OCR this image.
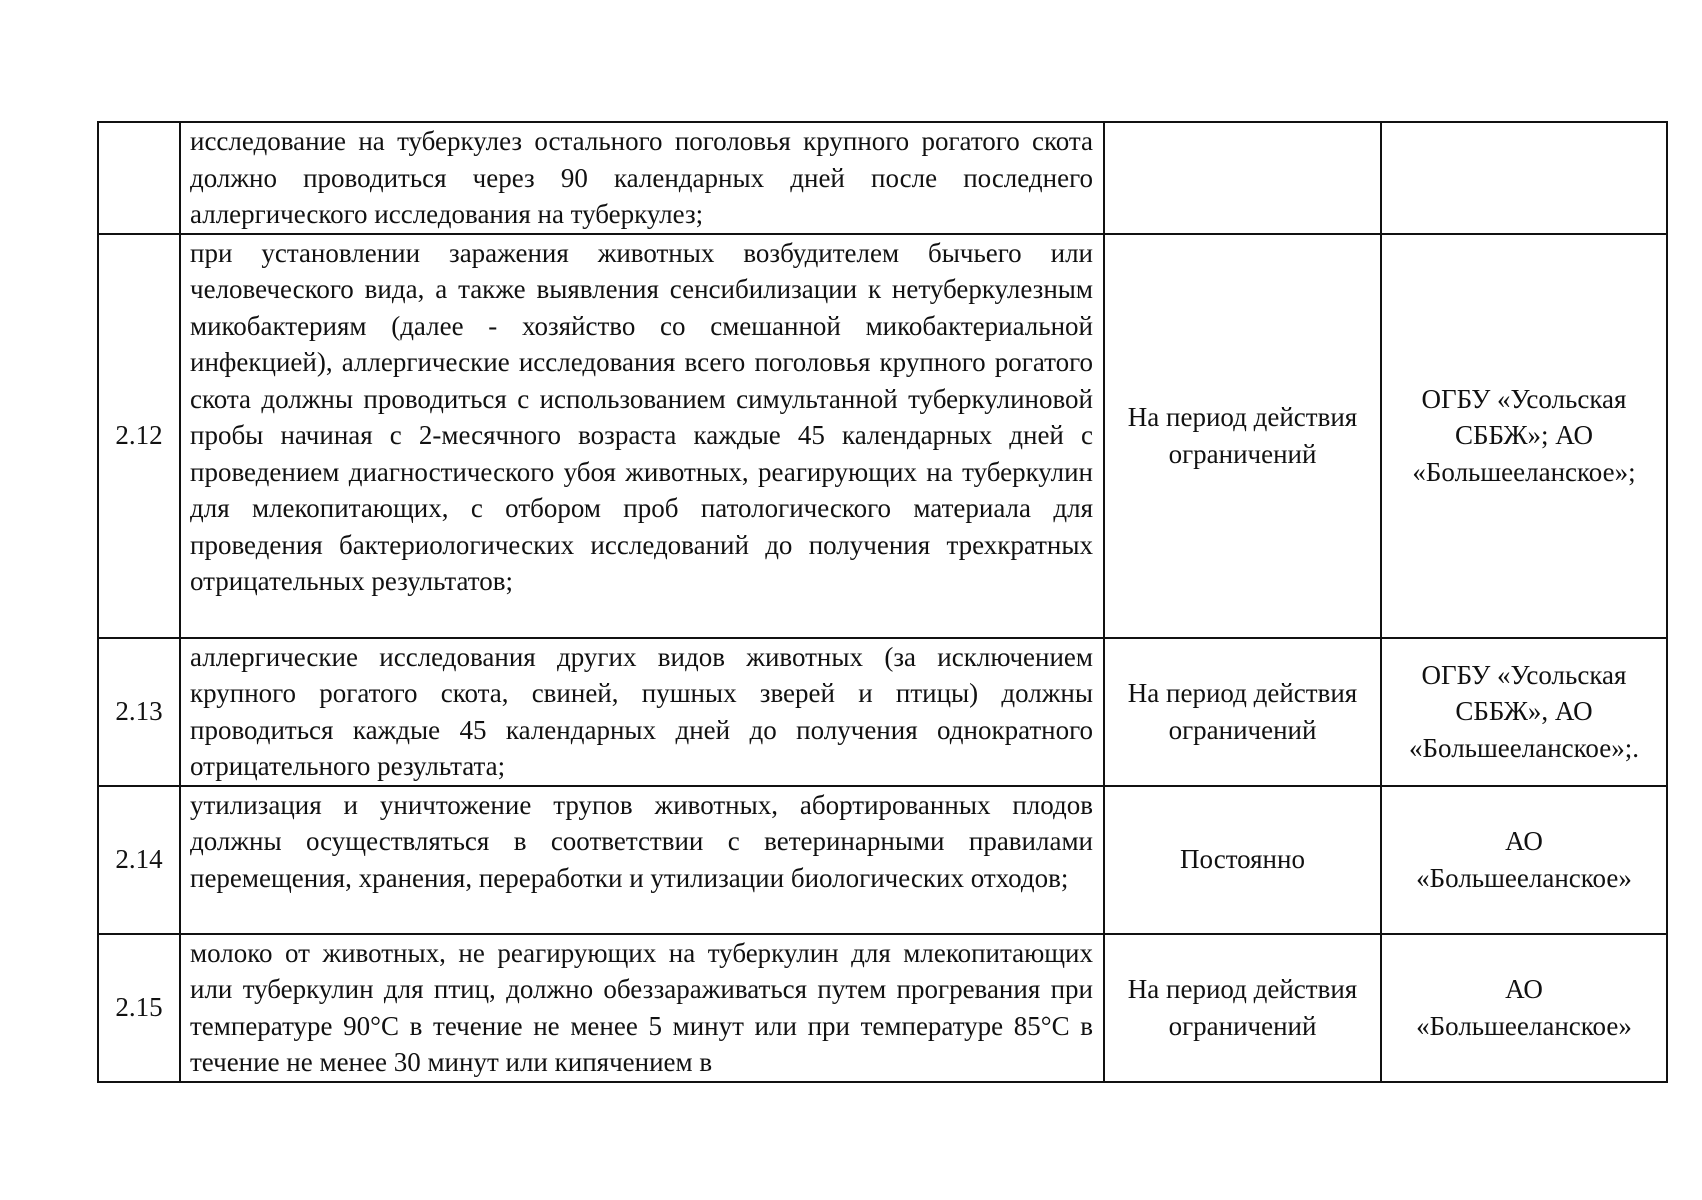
	исследование на туберкулез остального поголовья крупного рогатого скота должно проводиться через 90 календарных дней после последнего аллергического исследования на туберкулез;		

2.12	при установлении заражения животных возбудителем бычьего или человеческого вида, а также выявления сенсибилизации к нетуберкулезным микобактериям (далее - хозяйство со смешанной микобактериальной инфекцией), аллергические исследования всего поголовья крупного рогатого скота должны проводиться с использованием симультанной туберкулиновой пробы начиная с 2-месячного возраста каждые 45 календарных дней с проведением диагностического убоя животных, реагирующих на туберкулин для млекопитающих, с отбором проб патологического материала для проведения бактериологических исследований до получения трехкратных отрицательных результатов;	На период действия ограничений	ОГБУ «Усольская СББЖ»; АО «Большееланское»;

2.13	аллергические исследования других видов животных (за исключением крупного рогатого скота, свиней, пушных зверей и птицы) должны проводиться каждые 45 календарных дней до получения однократного отрицательного результата;	На период действия ограничений	ОГБУ «Усольская СББЖ», АО «Большееланское»;.

2.14	утилизация и уничтожение трупов животных, абортированных плодов должны осуществляться в соответствии с ветеринарными правилами перемещения, хранения, переработки и утилизации биологических отходов;	Постоянно	АО «Большееланское»

2.15	молоко от животных, не реагирующих на туберкулин для млекопитающих или туберкулин для птиц, должно обеззараживаться путем прогревания при температуре 90°С в течение не менее 5 минут или при температуре 85°С в течение не менее 30 минут или кипячением в	На период действия ограничений	АО «Большееланское»
